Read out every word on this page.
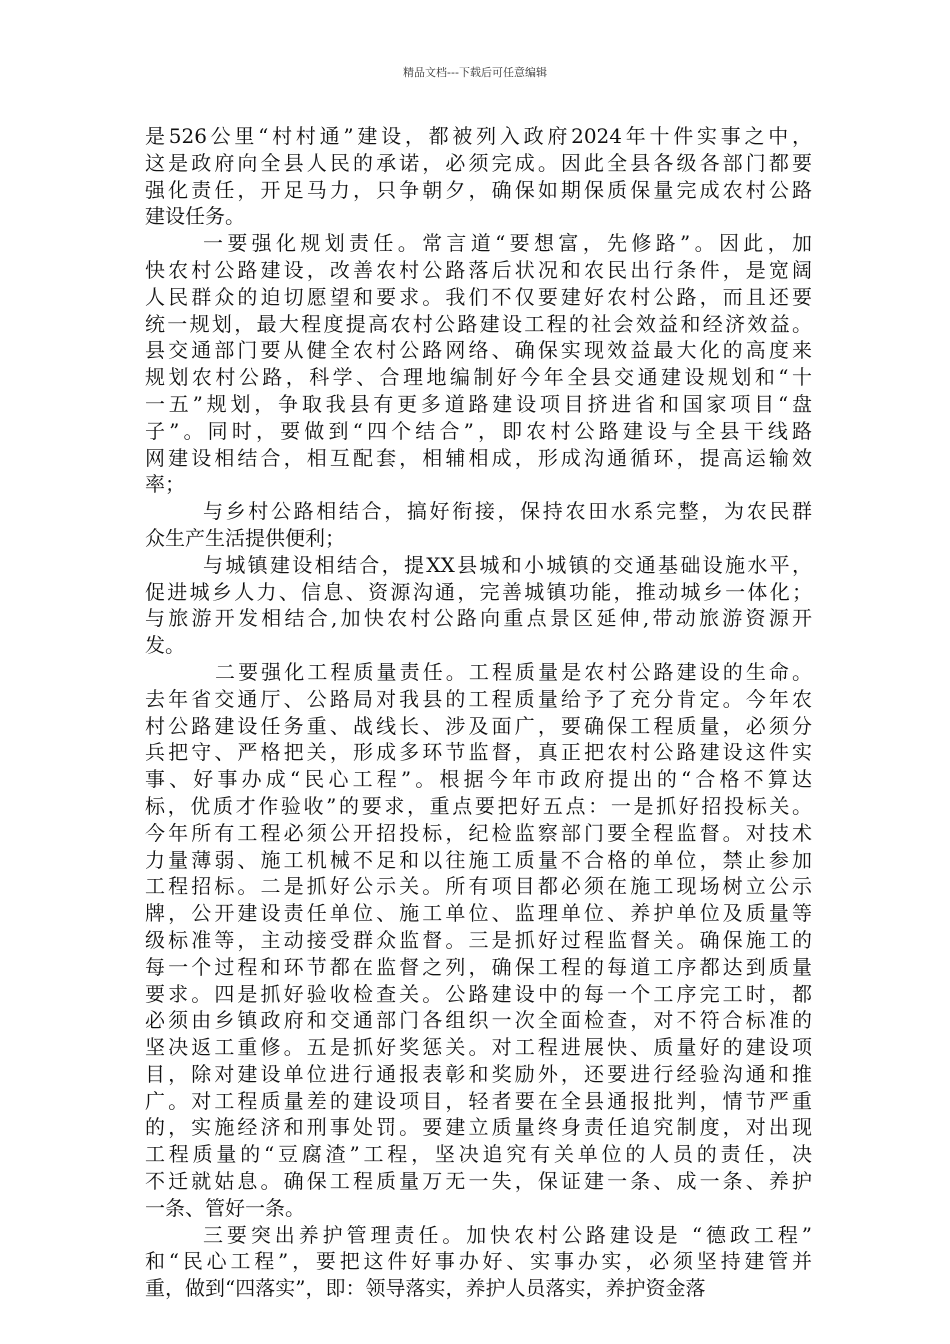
精品文档---下载后可任意编辑
是526公里“村村通”建设，都被列入政府2024年十件实事之中，
这是政府向全县人民的承诺，必须完成。因此全县各级各部门都要
强化责任，开足马力，只争朝夕，确保如期保质保量完成农村公路
建设任务。
一要强化规划责任。常言道“要想富，先修路”。因此，加
快农村公路建设，改善农村公路落后状况和农民出行条件，是宽阔
人民群众的迫切愿望和要求。我们不仅要建好农村公路，而且还要
统一规划，最大程度提高农村公路建设工程的社会效益和经济效益。
县交通部门要从健全农村公路网络、确保实现效益最大化的高度来
规划农村公路，科学、合理地编制好今年全县交通建设规划和“十
一五”规划，争取我县有更多道路建设项目挤进省和国家项目“盘
子”。同时，要做到“四个结合”，即农村公路建设与全县干线路
网建设相结合，相互配套，相辅相成，形成沟通循环，提高运输效
率；
与乡村公路相结合，搞好衔接，保持农田水系完整，为农民群
众生产生活提供便利；
与城镇建设相结合，提XX县城和小城镇的交通基础设施水平，
促进城乡人力、信息、资源沟通，完善城镇功能，推动城乡一体化；
与旅游开发相结合,加快农村公路向重点景区延伸,带动旅游资源开
发。
二要强化工程质量责任。工程质量是农村公路建设的生命。
去年省交通厅、公路局对我县的工程质量给予了充分肯定。今年农
村公路建设任务重、战线长、涉及面广，要确保工程质量，必须分
兵把守、严格把关，形成多环节监督，真正把农村公路建设这件实
事、好事办成“民心工程”。根据今年市政府提出的“合格不算达
标，优质才作验收”的要求，重点要把好五点：一是抓好招投标关。
今年所有工程必须公开招投标，纪检监察部门要全程监督。对技术
力量薄弱、施工机械不足和以往施工质量不合格的单位，禁止参加
工程招标。二是抓好公示关。所有项目都必须在施工现场树立公示
牌，公开建设责任单位、施工单位、监理单位、养护单位及质量等
级标准等，主动接受群众监督。三是抓好过程监督关。确保施工的
每一个过程和环节都在监督之列，确保工程的每道工序都达到质量
要求。四是抓好验收检查关。公路建设中的每一个工序完工时，都
必须由乡镇政府和交通部门各组织一次全面检查，对不符合标准的
坚决返工重修。五是抓好奖惩关。对工程进展快、质量好的建设项
目，除对建设单位进行通报表彰和奖励外，还要进行经验沟通和推
广。对工程质量差的建设项目，轻者要在全县通报批判，情节严重
的，实施经济和刑事处罚。要建立质量终身责任追究制度，对出现
工程质量的“豆腐渣”工程，坚决追究有关单位的人员的责任，决
不迁就姑息。确保工程质量万无一失，保证建一条、成一条、养护
一条、管好一条。
三要突出养护管理责任。加快农村公路建设是 “德政工程”
和“民心工程”，要把这件好事办好、实事办实，必须坚持建管并
重，做到“四落实”，即：领导落实，养护人员落实，养护资金落
